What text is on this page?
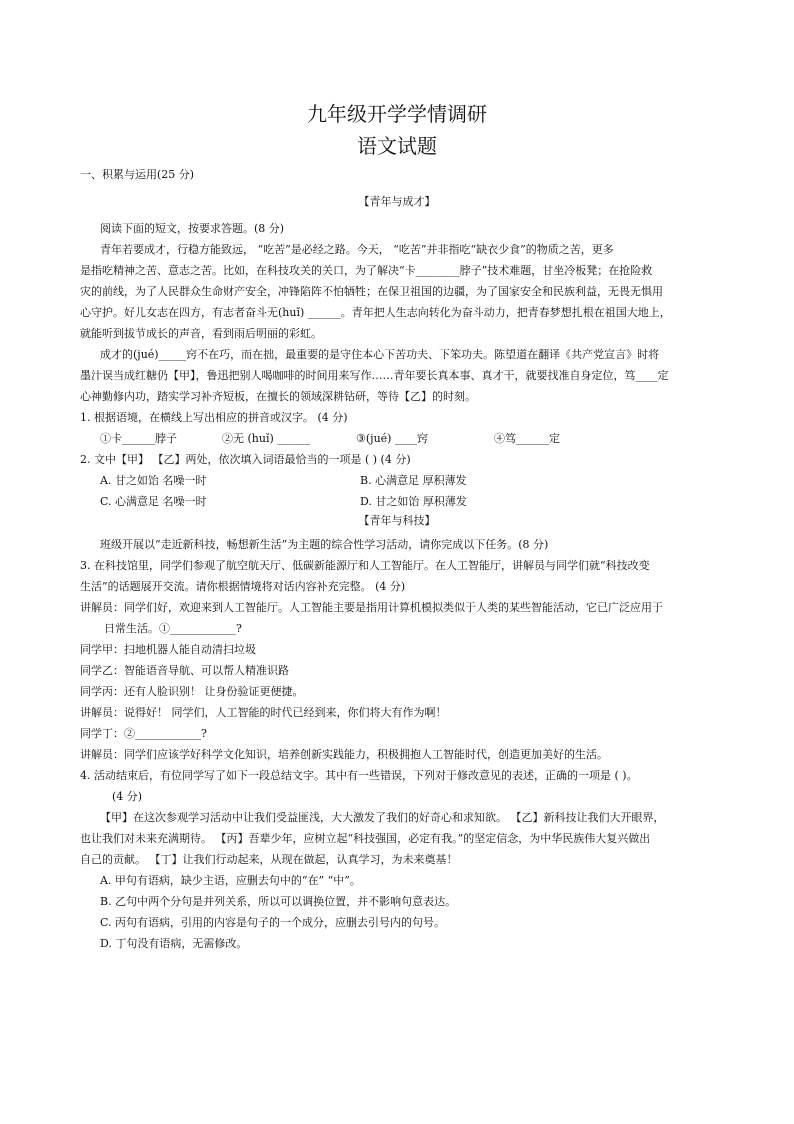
九年级开学学情调研
语文试题
一、积累与运用(25 分)
【青年与成才】
阅读下面的短文，按要求答题。(8 分)
青年若要成才，行稳方能致远， “吃苦”是必经之路。今天， “吃苦”并非指吃“缺衣少食”的物质之苦，更多
是指吃精神之苦、意志之苦。比如，在科技攻关的关口，为了解决“卡________脖子”技术难题，甘坐冷板凳；在抢险救
灾的前线，为了人民群众生命财产安全，冲锋陷阵不怕牺牲；在保卫祖国的边疆，为了国家安全和民族利益，无畏无惧用
心守护。好儿女志在四方，有志者奋斗无(huǐ) ______。青年把人生志向转化为奋斗动力，把青春梦想扎根在祖国大地上，
就能听到拔节成长的声音，看到雨后明丽的彩虹。
成才的(jué)_____窍不在巧，而在拙，最重要的是守住本心下苦功夫、下笨功夫。陈望道在翻译《共产党宣言》时将
墨汁误当成红糖仍【甲】，鲁迅把别人喝咖啡的时间用来写作……青年要长真本事、真才干，就要找准自身定位，笃____定
心神勤修内功，踏实学习补齐短板，在擅长的领域深耕钻研，等待【乙】的时刻。
1. 根据语境，在横线上写出相应的拼音或汉字。 (4 分)
①卡______脖子	②无 (huǐ) ______	③(jué) ____窍	④笃______定
2. 文中【甲】 【乙】两处，依次填入词语最恰当的一项是 ( ) (4 分)
A. 甘之如饴 名噪一时	B. 心满意足 厚积薄发
C. 心满意足 名噪一时	D. 甘之如饴 厚积薄发
【青年与科技】
班级开展以“走近新科技，畅想新生活”为主题的综合性学习活动，请你完成以下任务。(8 分)
3. 在科技馆里，同学们参观了航空航天厅、低碳新能源厅和人工智能厅。在人工智能厅，讲解员与同学们就“科技改变
生活”的话题展开交流。请你根据情境将对话内容补充完整。 (4 分)
讲解员：同学们好，欢迎来到人工智能厅。人工智能主要是指用计算机模拟类似于人类的某些智能活动，它已广泛应用于
日常生活。①____________?
同学甲：扫地机器人能自动清扫垃圾
同学乙：智能语音导航、可以帮人精准识路
同学丙：还有人脸识别！ 让身份验证更便捷。
讲解员：说得好！ 同学们，人工智能的时代已经到来，你们将大有作为啊！
同学丁：②____________?
讲解员：同学们应该学好科学文化知识，培养创新实践能力，积极拥抱人工智能时代，创造更加美好的生活。
4. 活动结束后，有位同学写了如下一段总结文字。其中有一些错误，下列对于修改意见的表述，正确的一项是 ( )。
(4 分)
【甲】在这次参观学习活动中让我们受益匪浅，大大激发了我们的好奇心和求知欲。 【乙】新科技让我们大开眼界，
也让我们对未来充满期待。 【丙】吾辈少年，应树立起“科技强国，必定有我。”的坚定信念，为中华民族伟大复兴做出
自己的贡献。 【丁】让我们行动起来，从现在做起，认真学习，为未来奠基！
A. 甲句有语病，缺少主语，应删去句中的“在” “中”。
B. 乙句中两个分句是并列关系，所以可以调换位置，并不影响句意表达。
C. 丙句有语病，引用的内容是句子的一个成分，应删去引号内的句号。
D. 丁句没有语病，无需修改。
